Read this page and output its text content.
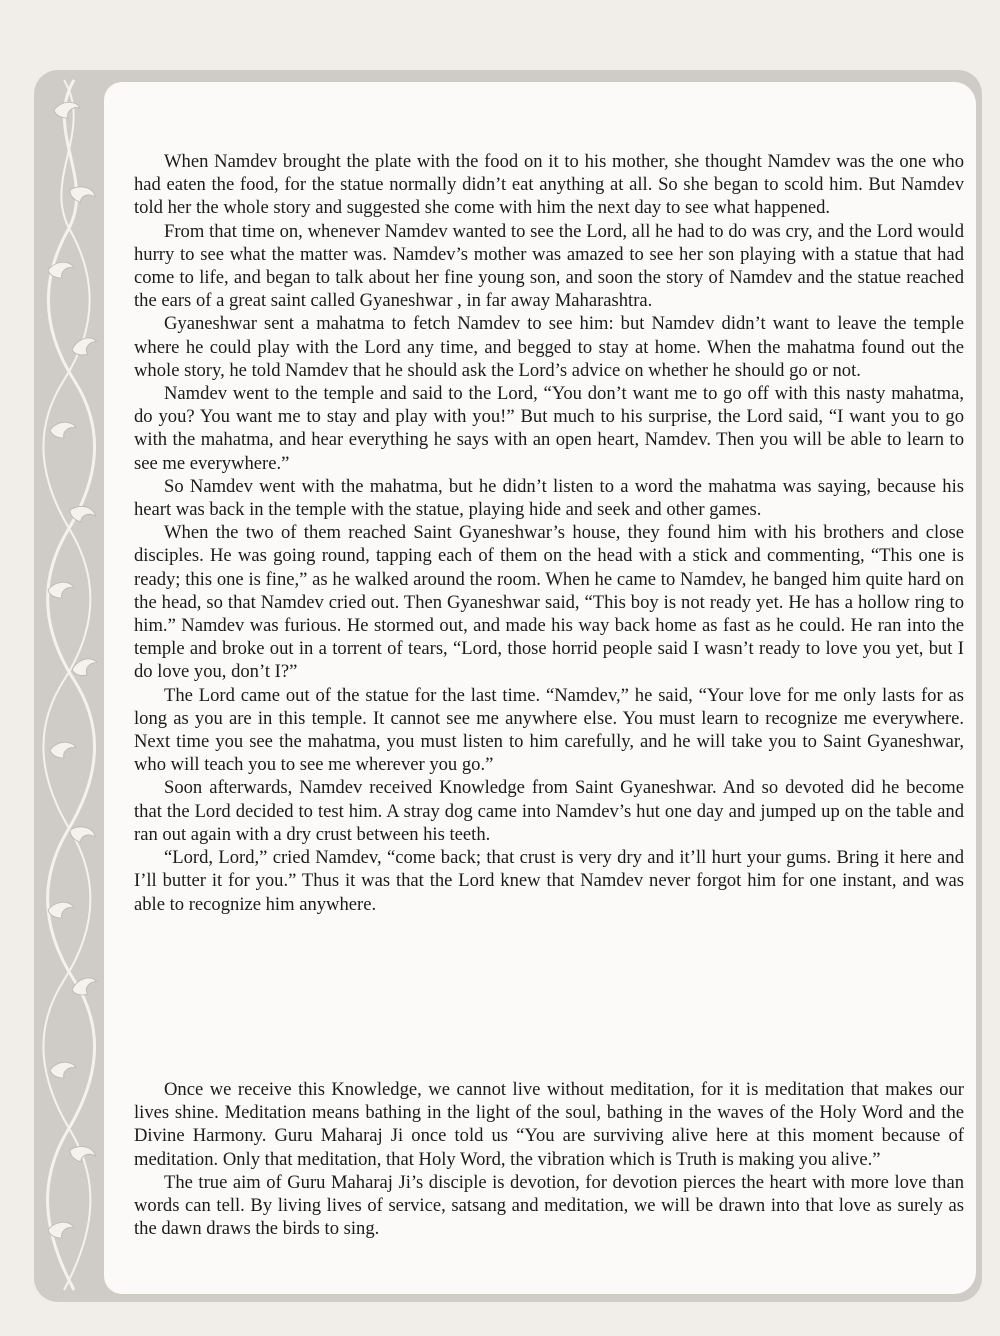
When Namdev brought the plate with the food on it to his mother, she thought Namdev was the one who had eaten the food, for the statue normally didn’t eat anything at all. So she began to scold him. But Namdev told her the whole story and suggested she come with him the next day to see what happened.

From that time on, whenever Namdev wanted to see the Lord, all he had to do was cry, and the Lord would hurry to see what the matter was. Namdev’s mother was amazed to see her son playing with a statue that had come to life, and began to talk about her fine young son, and soon the story of Namdev and the statue reached the ears of a great saint called Gyaneshwar , in far away Maharashtra.

Gyaneshwar sent a mahatma to fetch Namdev to see him: but Namdev didn’t want to leave the temple where he could play with the Lord any time, and begged to stay at home. When the mahatma found out the whole story, he told Namdev that he should ask the Lord’s advice on whether he should go or not.

Namdev went to the temple and said to the Lord, “You don’t want me to go off with this nasty mahatma, do you? You want me to stay and play with you!” But much to his surprise, the Lord said, “I want you to go with the mahatma, and hear everything he says with an open heart, Namdev. Then you will be able to learn to see me everywhere.”

So Namdev went with the mahatma, but he didn’t listen to a word the mahatma was saying, because his heart was back in the temple with the statue, playing hide and seek and other games.

When the two of them reached Saint Gyaneshwar’s house, they found him with his brothers and close disciples. He was going round, tapping each of them on the head with a stick and commenting, “This one is ready; this one is fine,” as he walked around the room. When he came to Namdev, he banged him quite hard on the head, so that Namdev cried out. Then Gyaneshwar said, “This boy is not ready yet. He has a hollow ring to him.” Namdev was furious. He stormed out, and made his way back home as fast as he could. He ran into the temple and broke out in a torrent of tears, “Lord, those horrid people said I wasn’t ready to love you yet, but I do love you, don’t I?”

The Lord came out of the statue for the last time. “Namdev,” he said, “Your love for me only lasts for as long as you are in this temple. It cannot see me anywhere else. You must learn to recognize me everywhere. Next time you see the mahatma, you must listen to him carefully, and he will take you to Saint Gyaneshwar, who will teach you to see me wherever you go.”

Soon afterwards, Namdev received Knowledge from Saint Gyaneshwar. And so devoted did he become that the Lord decided to test him. A stray dog came into Namdev’s hut one day and jumped up on the table and ran out again with a dry crust between his teeth.

“Lord, Lord,” cried Namdev, “come back; that crust is very dry and it’ll hurt your gums. Bring it here and I’ll butter it for you.” Thus it was that the Lord knew that Namdev never forgot him for one instant, and was able to recognize him anywhere.

Once we receive this Knowledge, we cannot live without meditation, for it is meditation that makes our lives shine. Meditation means bathing in the light of the soul, bathing in the waves of the Holy Word and the Divine Harmony. Guru Maharaj Ji once told us “You are surviving alive here at this moment because of meditation. Only that meditation, that Holy Word, the vibration which is Truth is making you alive.”

The true aim of Guru Maharaj Ji’s disciple is devotion, for devotion pierces the heart with more love than words can tell. By living lives of service, satsang and meditation, we will be drawn into that love as surely as the dawn draws the birds to sing.
